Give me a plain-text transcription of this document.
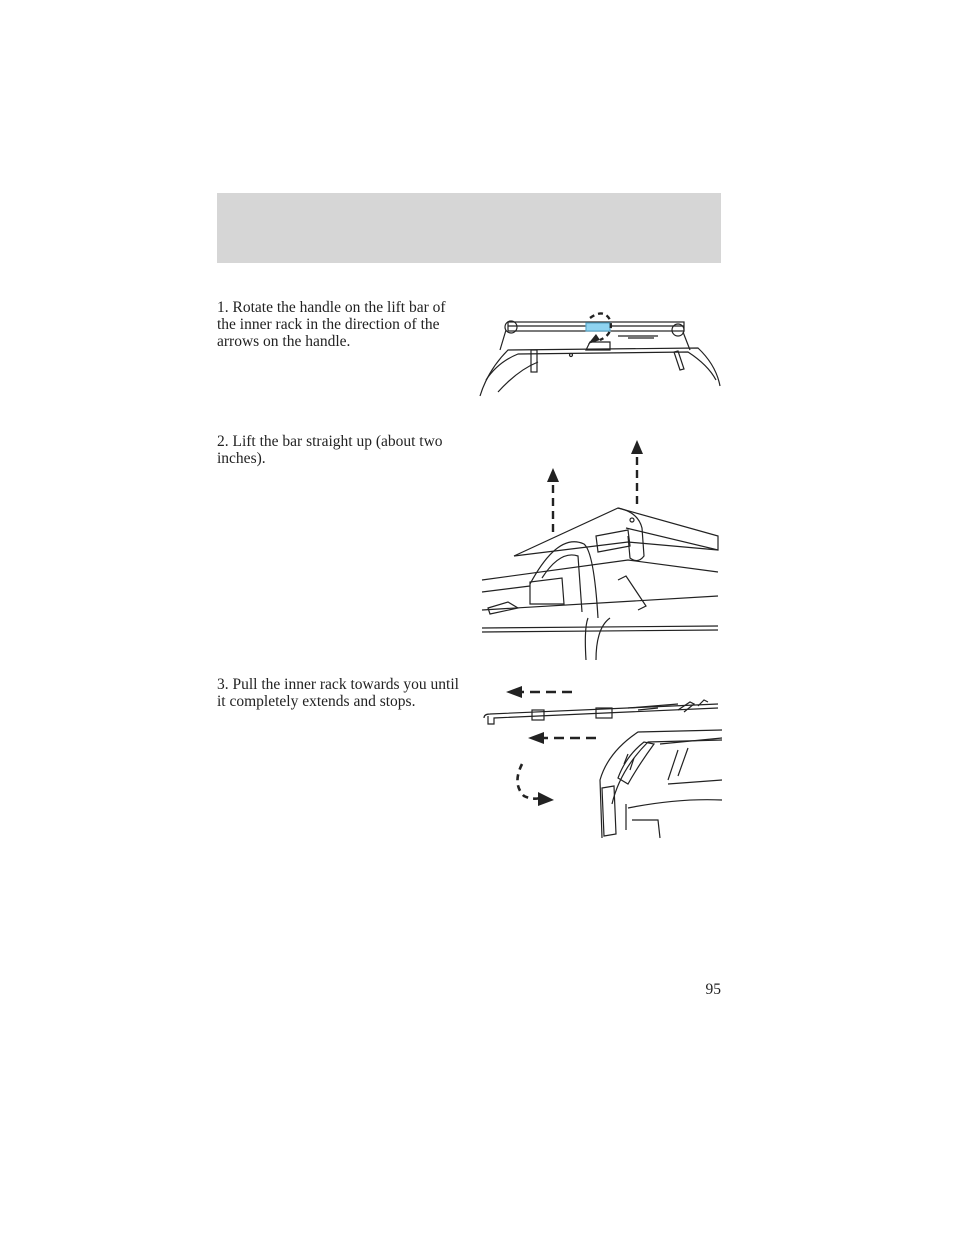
1. Rotate the handle on the lift bar of the inner rack in the direction of the arrows on the handle.
2. Lift the bar straight up (about two inches).
3. Pull the inner rack towards you until it completely extends and stops.
95
